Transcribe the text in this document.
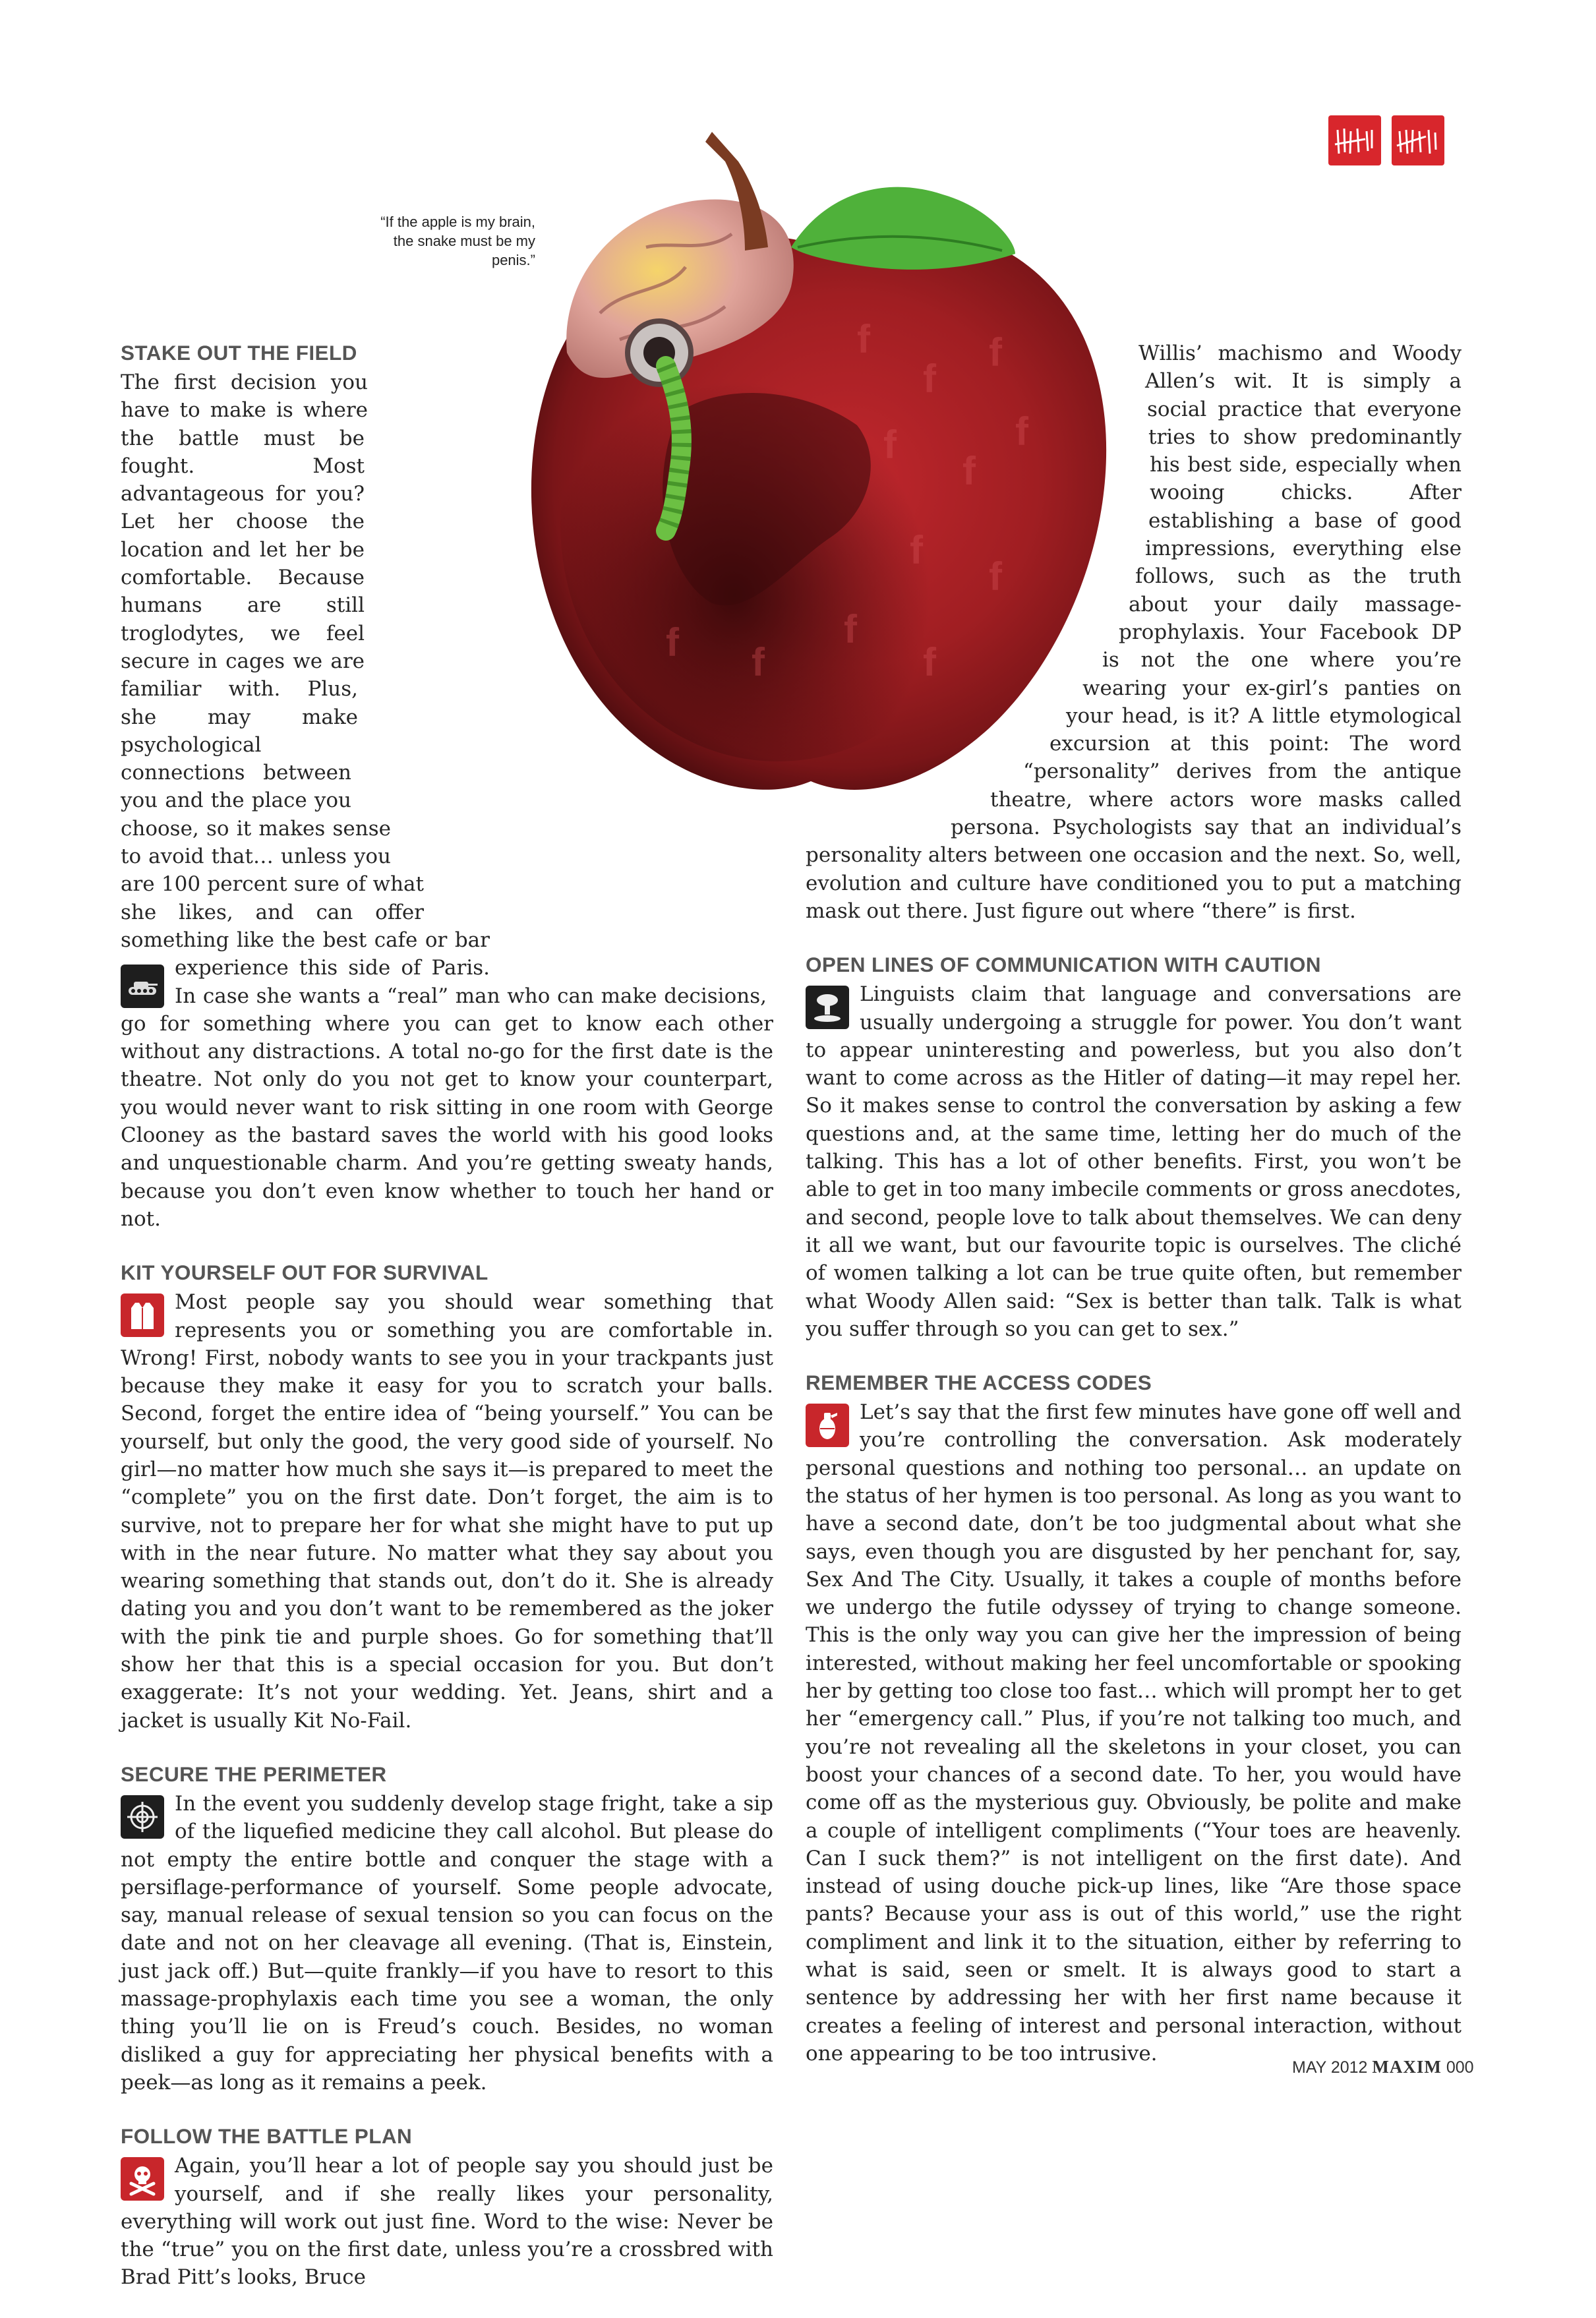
f
f
f
f
f
f
f
f
f
f	f
f
“If the apple is my brain, the snake must be my penis.”
STAKE OUT THE FIELD

The first decision you have to make is where the battle must be fought. Most advantageous for you? Let her choose the location and let her be comfortable. Because humans are still troglodytes, we feel secure in cages we are familiar with. Plus, she may make psychological connections between you and the place you choose, so it makes sense to avoid that… unless you are 100 percent sure of what she likes, and can offer something like the best cafe or bar experience this side of Paris. In case she wants a “real” man who can make decisions, go for something where you can get to know each other without any distractions. A total no-go for the first date is the theatre. Not only do you not get to know your counterpart, you would never want to risk sitting in one room with George Clooney as the bastard saves the world with his good looks and unquestionable charm. And you’re getting sweaty hands, because you don’t even know whether to touch her hand or not.

KIT YOURSELF OUT FOR SURVIVAL

Most people say you should wear something that represents you or something you are comfortable in. Wrong! First, nobody wants to see you in your trackpants just because they make it easy for you to scratch your balls. Second, forget the entire idea of “being yourself.” You can be yourself, but only the good, the very good side of yourself. No girl—no matter how much she says it—is prepared to meet the “complete” you on the first date. Don’t forget, the aim is to survive, not to prepare her for what she might have to put up with in the near future. No matter what they say about you wearing something that stands out, don’t do it. She is already dating you and you don’t want to be remembered as the joker with the pink tie and purple shoes. Go for something that’ll show her that this is a special occasion for you. But don’t exaggerate: It’s not your wedding. Yet. Jeans, shirt and a jacket is usually Kit No-Fail.

SECURE THE PERIMETER

In the event you suddenly develop stage fright, take a sip of the liquefied medicine they call alcohol. But please do not empty the entire bottle and conquer the stage with a persiflage-performance of yourself. Some people advocate, say, manual release of sexual tension so you can focus on the date and not on her cleavage all evening. (That is, Einstein, just jack off.) But—quite frankly—if you have to resort to this massage-prophylaxis each time you see a woman, the only thing you’ll lie on is Freud’s couch. Besides, no woman disliked a guy for appreciating her physical benefits with a peek—as long as it remains a peek.

FOLLOW THE BATTLE PLAN

Again, you’ll hear a lot of people say you should just be yourself, and if she really likes your personality, everything will work out just fine. Word to the wise: Never be the “true” you on the first date, unless you’re a crossbred with Brad Pitt’s looks, Bruce

Willis’ machismo and Woody Allen’s wit. It is simply a social practice that everyone tries to show predominantly his best side, especially when wooing chicks. After establishing a base of good impressions, everything else follows, such as the truth about your daily massage-prophylaxis. Your Facebook DP is not the one where you’re wearing your ex-girl’s panties on your head, is it? A little etymological excursion at this point: The word “personality” derives from the antique theatre, where actors wore masks called persona. Psychologists say that an individual’s personality alters between one occasion and the next. So, well, evolution and culture have conditioned you to put a matching mask out there. Just figure out where “there” is first.

OPEN LINES OF COMMUNICATION WITH CAUTION

Linguists claim that language and conversations are usually undergoing a struggle for power. You don’t want to appear uninteresting and powerless, but you also don’t want to come across as the Hitler of dating—it may repel her. So it makes sense to control the conversation by asking a few questions and, at the same time, letting her do much of the talking. This has a lot of other benefits. First, you won’t be able to get in too many imbecile comments or gross anecdotes, and second, people love to talk about themselves. We can deny it all we want, but our favourite topic is ourselves. The cliché of women talking a lot can be true quite often, but remember what Woody Allen said: “Sex is better than talk. Talk is what you suffer through so you can get to sex.”

REMEMBER THE ACCESS CODES

Let’s say that the first few minutes have gone off well and you’re controlling the conversation. Ask moderately personal questions and nothing too personal… an update on the status of her hymen is too personal. As long as you want to have a second date, don’t be too judgmental about what she says, even though you are disgusted by her penchant for, say, Sex And The City. Usually, it takes a couple of months before we undergo the futile odyssey of trying to change someone. This is the only way you can give her the impression of being interested, without making her feel uncomfortable or spooking her by getting too close too fast… which will prompt her to get her “emergency call.” Plus, if you’re not talking too much, and you’re not revealing all the skeletons in your closet, you can boost your chances of a second date. To her, you would have come off as the mysterious guy. Obviously, be polite and make a couple of intelligent compliments (“Your toes are heavenly. Can I suck them?” is not intelligent on the first date). And instead of using douche pick-up lines, like “Are those space pants? Because your ass is out of this world,” use the right compliment and link it to the situation, either by referring to what is said, seen or smelt. It is always good to start a sentence by addressing her with her first name because it creates a feeling of interest and personal interaction, without one appearing to be too intrusive.

MAY 2012 MAXIM 000
